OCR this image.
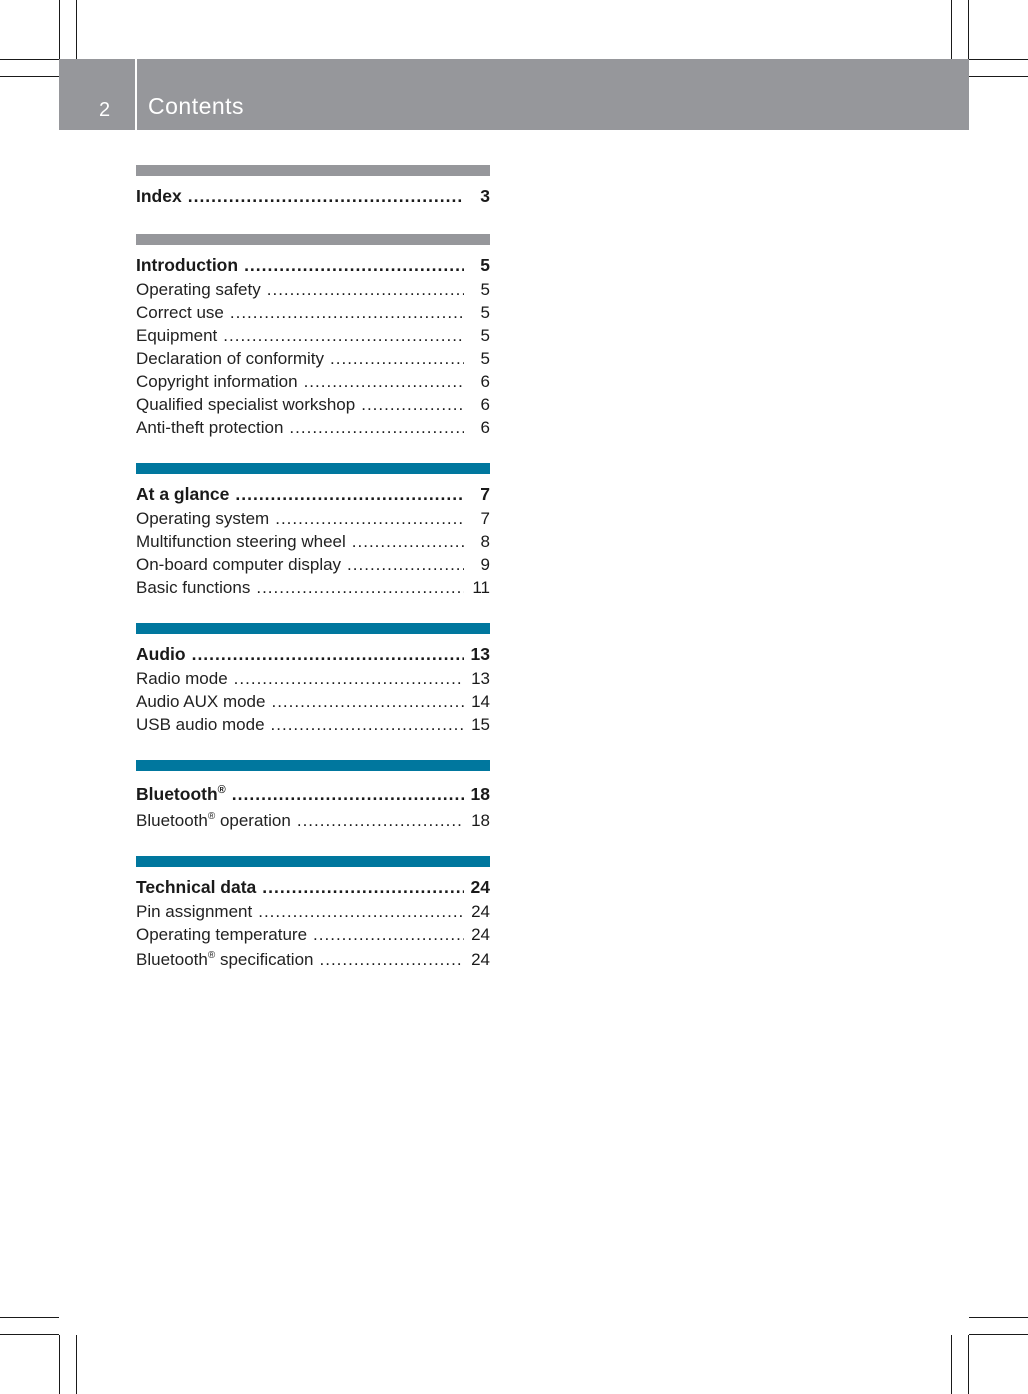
2 Contents
Index .....	3
Introduction .....	5
Operating safety .....	5
Correct use .....	5
Equipment .....	5
Declaration of conformity .....	5
Copyright information .....	6
Qualified specialist workshop .....	6
Anti-theft protection .....	6
At a glance .....	7
Operating system .....	7
Multifunction steering wheel .....	8
On-board computer display .....	9
Basic functions .....	11
Audio .....	13
Radio mode .....	13
Audio AUX mode .....	14
USB audio mode .....	15
Bluetooth® .....	18
Bluetooth® operation .....	18
Technical data .....	24
Pin assignment .....	24
Operating temperature .....	24
Bluetooth® specification .....	24
